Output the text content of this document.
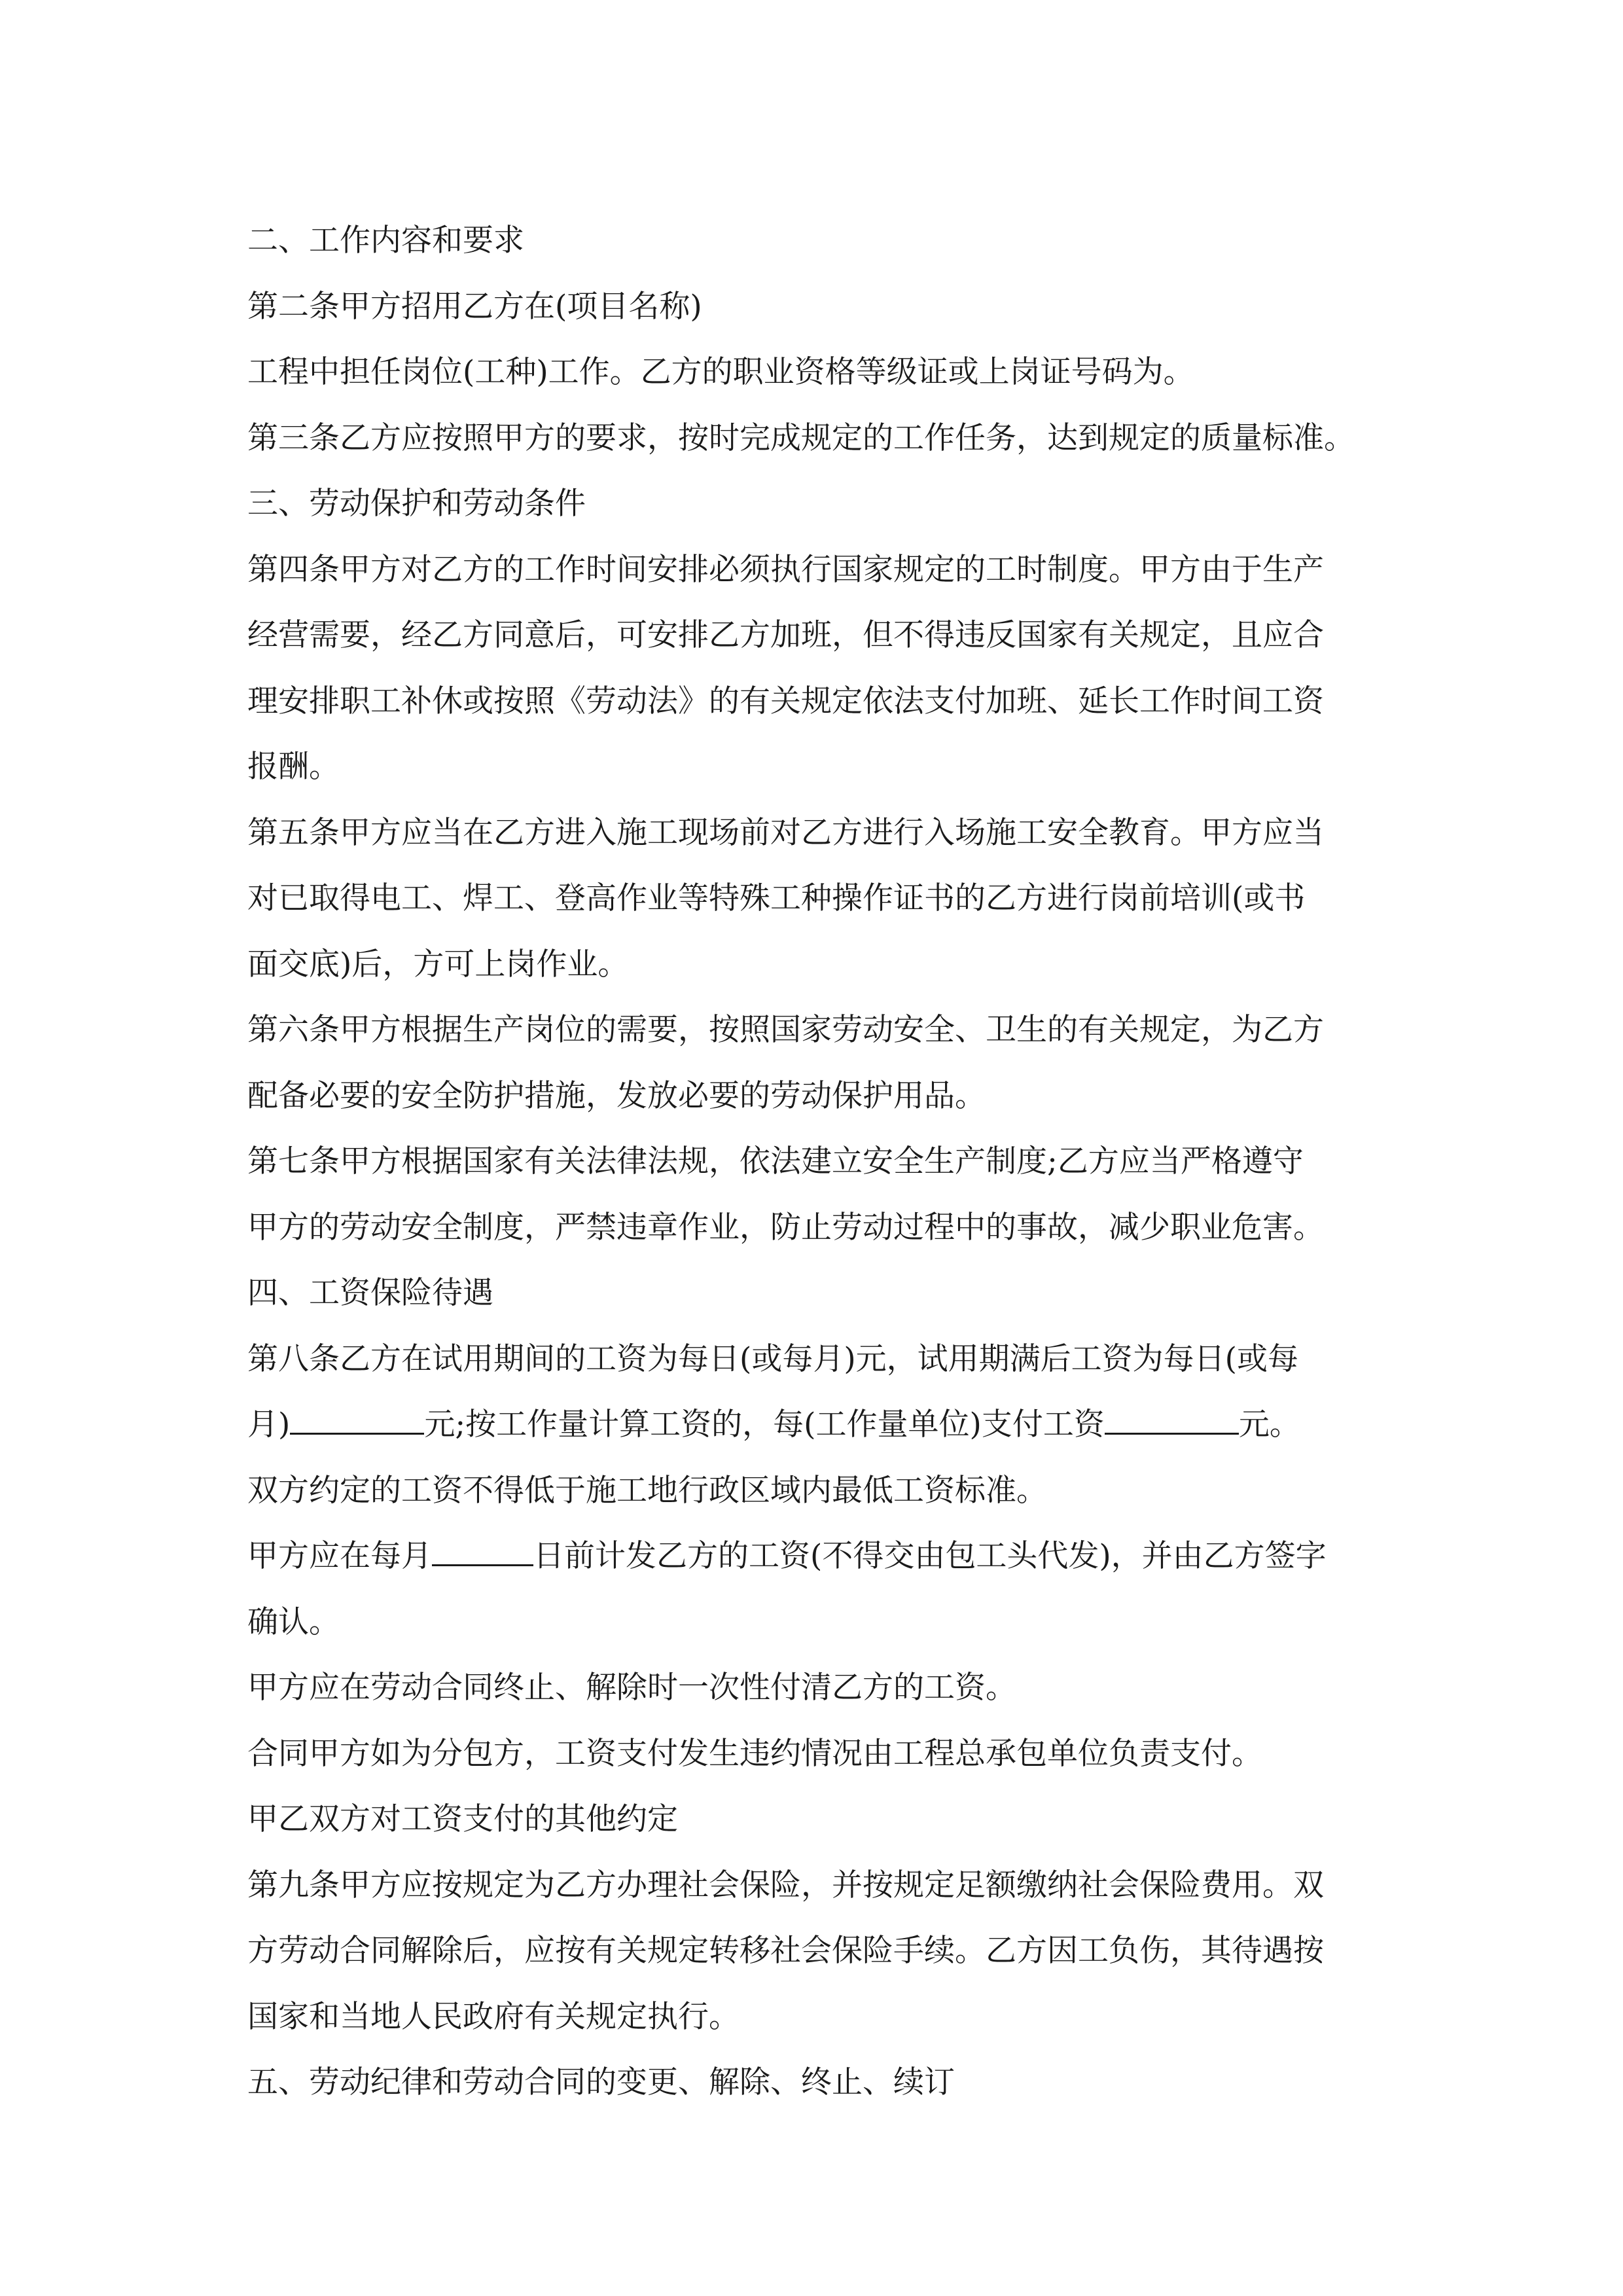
二、工作内容和要求
第二条甲方招用乙方在(项目名称)
工程中担任岗位(工种)工作。乙方的职业资格等级证或上岗证号码为。
第三条乙方应按照甲方的要求，按时完成规定的工作任务，达到规定的质量标准。
三、劳动保护和劳动条件
第四条甲方对乙方的工作时间安排必须执行国家规定的工时制度。甲方由于生产
经营需要，经乙方同意后，可安排乙方加班，但不得违反国家有关规定，且应合
理安排职工补休或按照《劳动法》的有关规定依法支付加班、延长工作时间工资
报酬。
第五条甲方应当在乙方进入施工现场前对乙方进行入场施工安全教育。甲方应当
对已取得电工、焊工、登高作业等特殊工种操作证书的乙方进行岗前培训(或书
面交底)后，方可上岗作业。
第六条甲方根据生产岗位的需要，按照国家劳动安全、卫生的有关规定，为乙方
配备必要的安全防护措施，发放必要的劳动保护用品。
第七条甲方根据国家有关法律法规，依法建立安全生产制度;乙方应当严格遵守
甲方的劳动安全制度，严禁违章作业，防止劳动过程中的事故，减少职业危害。
四、工资保险待遇
第八条乙方在试用期间的工资为每日(或每月)元，试用期满后工资为每日(或每
月)	元;按工作量计算工资的，每(工作量单位)支付工资	元。
双方约定的工资不得低于施工地行政区域内最低工资标准。
甲方应在每月	日前计发乙方的工资(不得交由包工头代发)，并由乙方签字
确认。
甲方应在劳动合同终止、解除时一次性付清乙方的工资。
合同甲方如为分包方，工资支付发生违约情况由工程总承包单位负责支付。
甲乙双方对工资支付的其他约定
第九条甲方应按规定为乙方办理社会保险，并按规定足额缴纳社会保险费用。双
方劳动合同解除后，应按有关规定转移社会保险手续。乙方因工负伤，其待遇按
国家和当地人民政府有关规定执行。
五、劳动纪律和劳动合同的变更、解除、终止、续订
